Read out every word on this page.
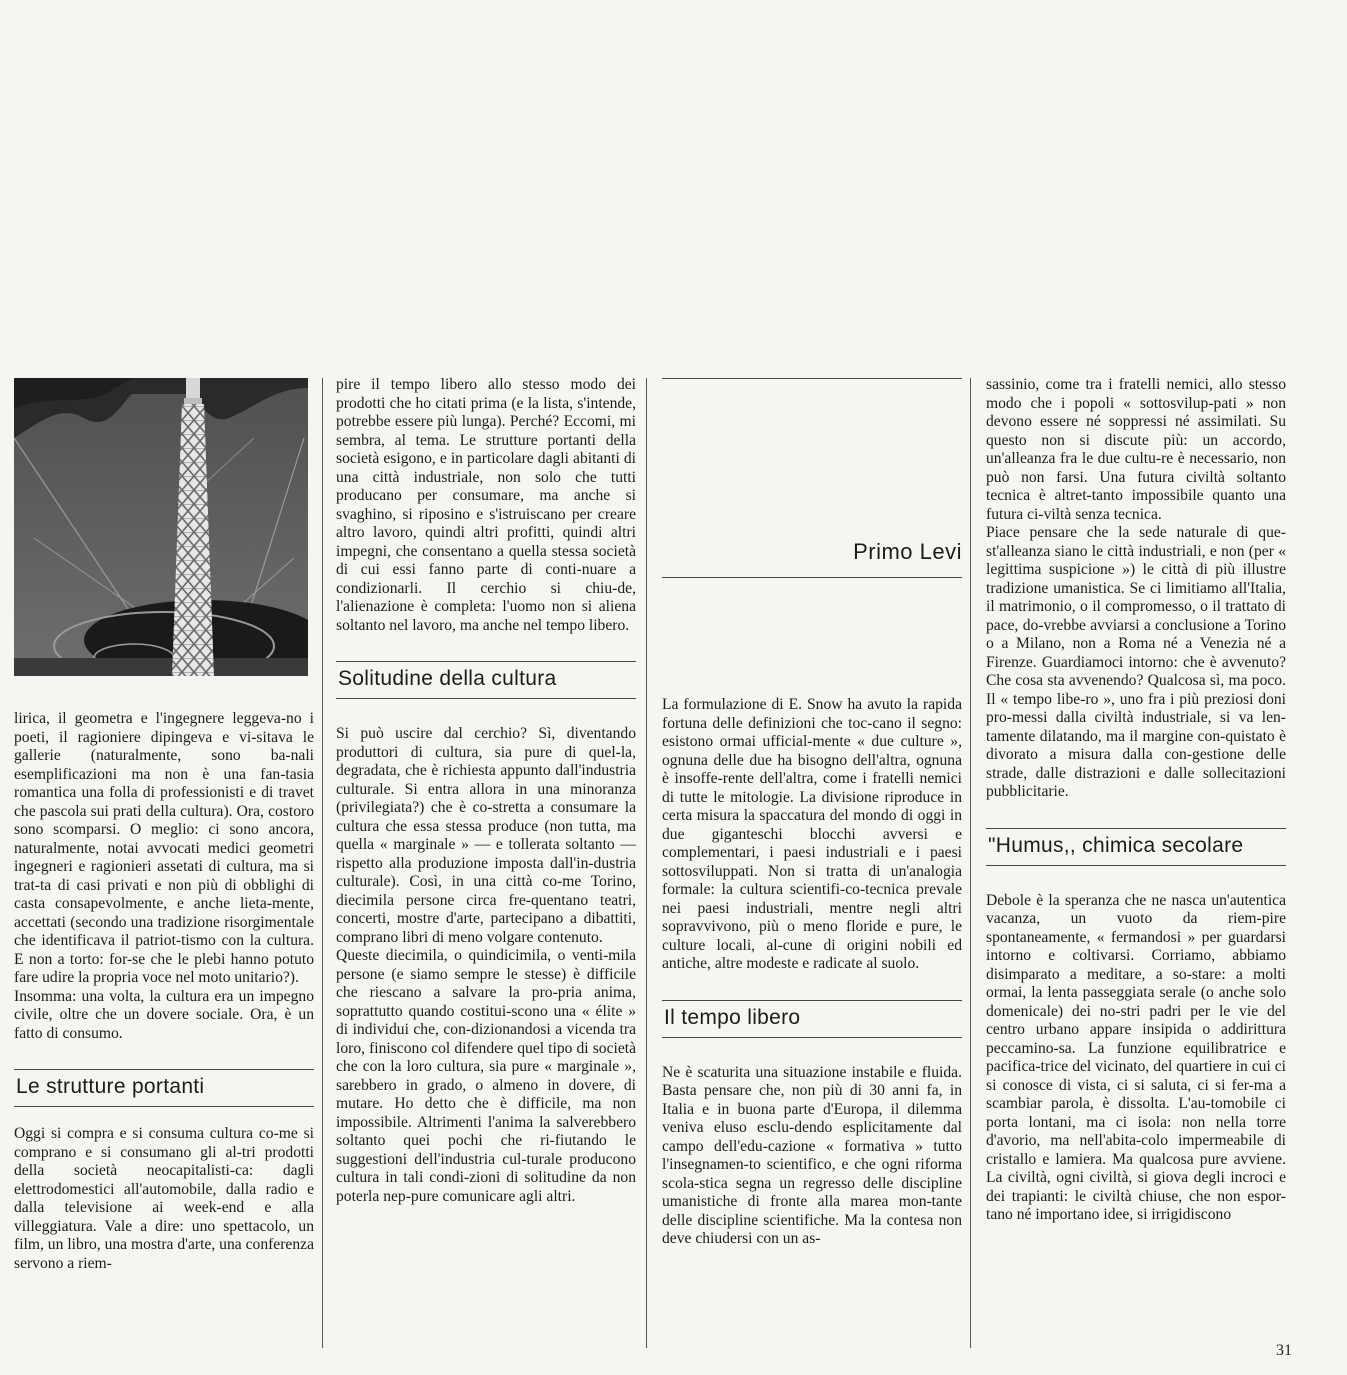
lirica, il geometra e l'ingegnere leggeva-no i poeti, il ragioniere dipingeva e vi-sitava le gallerie (naturalmente, sono ba-nali esemplificazioni ma non è una fan-tasia romantica una folla di professionisti e di travet che pascola sui prati della cultura). Ora, costoro sono scomparsi. O meglio: ci sono ancora, naturalmente, notai avvocati medici geometri ingegneri e ragionieri assetati di cultura, ma si trat-ta di casi privati e non più di obblighi di casta consapevolmente, e anche lieta-mente, accettati (secondo una tradizione risorgimentale che identificava il patriot-tismo con la cultura. E non a torto: for-se che le plebi hanno potuto fare udire la propria voce nel moto unitario?).

Insomma: una volta, la cultura era un impegno civile, oltre che un dovere sociale. Ora, è un fatto di consumo.

Le strutture portanti

Oggi si compra e si consuma cultura co-me si comprano e si consumano gli al-tri prodotti della società neocapitalisti-ca: dagli elettrodomestici all'automobile, dalla radio e dalla televisione ai week-end e alla villeggiatura. Vale a dire: uno spettacolo, un film, un libro, una mostra d'arte, una conferenza servono a riem-

pire il tempo libero allo stesso modo dei prodotti che ho citati prima (e la lista, s'intende, potrebbe essere più lunga). Perché? Eccomi, mi sembra, al tema. Le strutture portanti della società esigono, e in particolare dagli abitanti di una città industriale, non solo che tutti producano per consumare, ma anche si svaghino, si riposino e s'istruiscano per creare altro lavoro, quindi altri profitti, quindi altri impegni, che consentano a quella stessa società di cui essi fanno parte di conti-nuare a condizionarli. Il cerchio si chiu-de, l'alienazione è completa: l'uomo non si aliena soltanto nel lavoro, ma anche nel tempo libero.

Solitudine della cultura

Si può uscire dal cerchio? Sì, diventando produttori di cultura, sia pure di quel-la, degradata, che è richiesta appunto dall'industria culturale. Si entra allora in una minoranza (privilegiata?) che è co-stretta a consumare la cultura che essa stessa produce (non tutta, ma quella « marginale » — e tollerata soltanto — rispetto alla produzione imposta dall'in-dustria culturale). Così, in una città co-me Torino, diecimila persone circa fre-quentano teatri, concerti, mostre d'arte, partecipano a dibattiti, comprano libri di meno volgare contenuto.

Queste diecimila, o quindicimila, o venti-mila persone (e siamo sempre le stesse) è difficile che riescano a salvare la pro-pria anima, soprattutto quando costitui-scono una « élite » di individui che, con-dizionandosi a vicenda tra loro, finiscono col difendere quel tipo di società che con la loro cultura, sia pure « marginale », sarebbero in grado, o almeno in dovere, di mutare. Ho detto che è difficile, ma non impossibile. Altrimenti l'anima la salverebbero soltanto quei pochi che ri-fiutando le suggestioni dell'industria cul-turale producono cultura in tali condi-zioni di solitudine da non poterla nep-pure comunicare agli altri.

Primo Levi

La formulazione di E. Snow ha avuto la rapida fortuna delle definizioni che toc-cano il segno: esistono ormai ufficial-mente « due culture », ognuna delle due ha bisogno dell'altra, ognuna è insoffe-rente dell'altra, come i fratelli nemici di tutte le mitologie. La divisione riproduce in certa misura la spaccatura del mondo di oggi in due giganteschi blocchi avversi e complementari, i paesi industriali e i paesi sottosviluppati. Non si tratta di un'analogia formale: la cultura scientifi-co-tecnica prevale nei paesi industriali, mentre negli altri sopravvivono, più o meno floride e pure, le culture locali, al-cune di origini nobili ed antiche, altre modeste e radicate al suolo.

Il tempo libero

Ne è scaturita una situazione instabile e fluida. Basta pensare che, non più di 30 anni fa, in Italia e in buona parte d'Europa, il dilemma veniva eluso esclu-dendo esplicitamente dal campo dell'edu-cazione « formativa » tutto l'insegnamen-to scientifico, e che ogni riforma scola-stica segna un regresso delle discipline umanistiche di fronte alla marea mon-tante delle discipline scientifiche. Ma la contesa non deve chiudersi con un as-

sassinio, come tra i fratelli nemici, allo stesso modo che i popoli « sottosvilup-pati » non devono essere né soppressi né assimilati. Su questo non si discute più: un accordo, un'alleanza fra le due cultu-re è necessario, non può non farsi. Una futura civiltà soltanto tecnica è altret-tanto impossibile quanto una futura ci-viltà senza tecnica.

Piace pensare che la sede naturale di que-st'alleanza siano le città industriali, e non (per « legittima suspicione ») le città di più illustre tradizione umanistica. Se ci limitiamo all'Italia, il matrimonio, o il compromesso, o il trattato di pace, do-vrebbe avviarsi a conclusione a Torino o a Milano, non a Roma né a Venezia né a Firenze. Guardiamoci intorno: che è avvenuto? Che cosa sta avvenendo? Qualcosa sì, ma poco. Il « tempo libe-ro », uno fra i più preziosi doni pro-messi dalla civiltà industriale, si va len-tamente dilatando, ma il margine con-quistato è divorato a misura dalla con-gestione delle strade, dalle distrazioni e dalle sollecitazioni pubblicitarie.

"Humus,, chimica secolare

Debole è la speranza che ne nasca un'autentica vacanza, un vuoto da riem-pire spontaneamente, « fermandosi » per guardarsi intorno e coltivarsi. Corriamo, abbiamo disimparato a meditare, a so-stare: a molti ormai, la lenta passeggiata serale (o anche solo domenicale) dei no-stri padri per le vie del centro urbano appare insipida o addirittura peccamino-sa. La funzione equilibratrice e pacifica-trice del vicinato, del quartiere in cui ci si conosce di vista, ci si saluta, ci si fer-ma a scambiar parola, è dissolta. L'au-tomobile ci porta lontani, ma ci isola: non nella torre d'avorio, ma nell'abita-colo impermeabile di cristallo e lamiera. Ma qualcosa pure avviene. La civiltà, ogni civiltà, si giova degli incroci e dei trapianti: le civiltà chiuse, che non espor-tano né importano idee, si irrigidiscono

31
